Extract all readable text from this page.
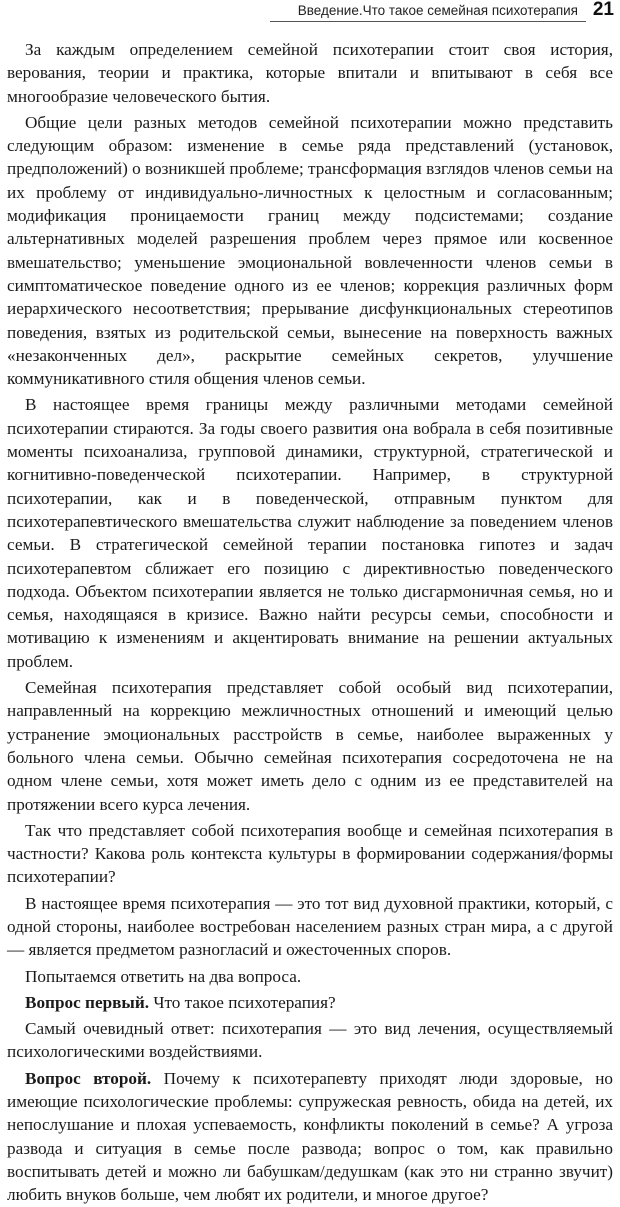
Введение.Что такое семейная психотерапия 21

За каждым определением семейной психотерапии стоит своя история, верования, теории и практика, которые впитали и впитывают в себя все многообразие человеческого бытия.

Общие цели разных методов семейной психотерапии можно представить следующим образом: изменение в семье ряда представлений (установок, предположений) о возникшей проблеме; трансформация взглядов членов семьи на их проблему от индивидуально-личностных к целостным и согласованным; модификация проницаемости границ между подсистемами; создание альтернативных моделей разрешения проблем через прямое или косвенное вмешательство; уменьшение эмоциональной вовлеченности членов семьи в симптоматическое поведение одного из ее членов; коррекция различных форм иерархического несоответствия; прерывание дисфункциональных стереотипов поведения, взятых из родительской семьи, вынесение на поверхность важных «незаконченных дел», раскрытие семейных секретов, улучшение коммуникативного стиля общения членов семьи.

В настоящее время границы между различными методами семейной психотерапии стираются. За годы своего развития она вобрала в себя позитивные моменты психоанализа, групповой динамики, структурной, стратегической и когнитивно-поведенческой психотерапии. Например, в структурной психотерапии, как и в поведенческой, отправным пунктом для психотерапевтического вмешательства служит наблюдение за поведением членов семьи. В стратегической семейной терапии постановка гипотез и задач психотерапевтом сближает его позицию с директивностью поведенческого подхода. Объектом психотерапии является не только дисгармоничная семья, но и семья, находящаяся в кризисе. Важно найти ресурсы семьи, способности и мотивацию к изменениям и акцентировать внимание на решении актуальных проблем.

Семейная психотерапия представляет собой особый вид психотерапии, направленный на коррекцию межличностных отношений и имеющий целью устранение эмоциональных расстройств в семье, наиболее выраженных у больного члена семьи. Обычно семейная психотерапия сосредоточена не на одном члене семьи, хотя может иметь дело с одним из ее представителей на протяжении всего курса лечения.

Так что представляет собой психотерапия вообще и семейная психотерапия в частности? Какова роль контекста культуры в формировании содержания/формы психотерапии?

В настоящее время психотерапия — это тот вид духовной практики, который, с одной стороны, наиболее востребован населением разных стран мира, а с другой — является предметом разногласий и ожесточенных споров.

Попытаемся ответить на два вопроса.

Вопрос первый. Что такое психотерапия?

Самый очевидный ответ: психотерапия — это вид лечения, осуществляемый психологическими воздействиями.

Вопрос второй. Почему к психотерапевту приходят люди здоровые, но имеющие психологические проблемы: супружеская ревность, обида на детей, их непослушание и плохая успеваемость, конфликты поколений в семье? А угроза развода и ситуация в семье после развода; вопрос о том, как правильно воспитывать детей и можно ли бабушкам/дедушкам (как это ни странно звучит) любить внуков больше, чем любят их родители, и многое другое?
